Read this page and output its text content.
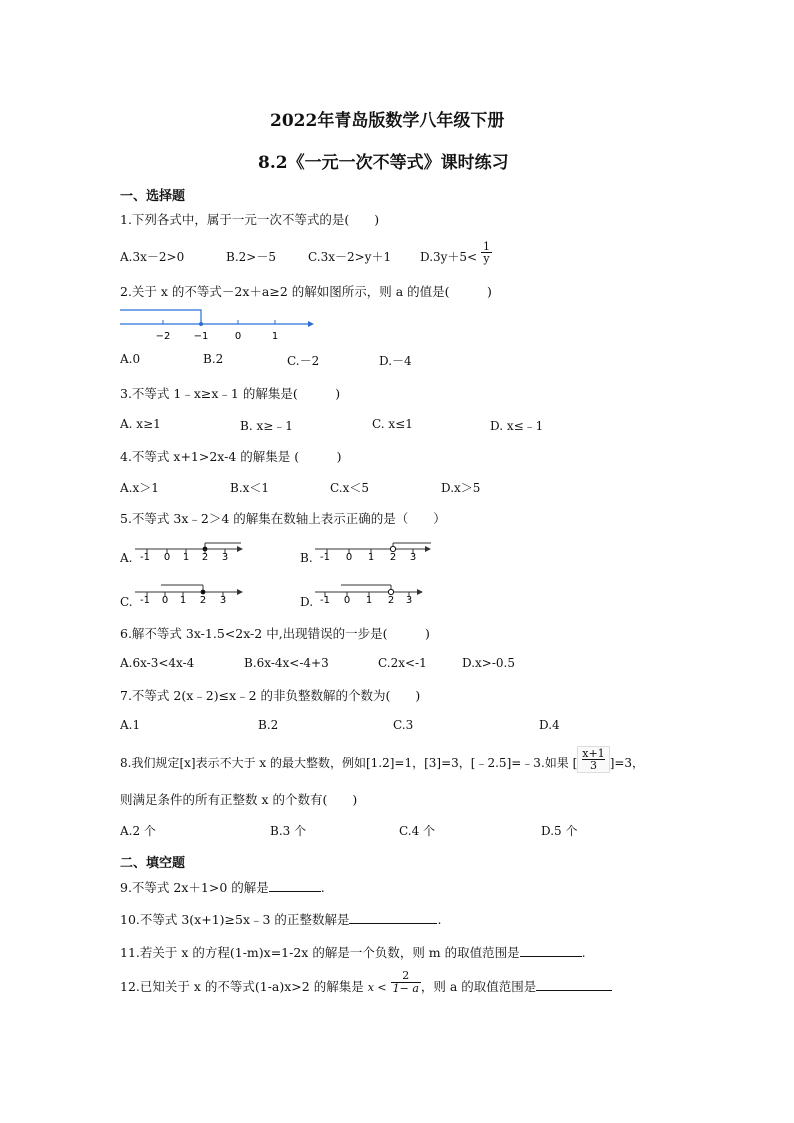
2022年青岛版数学八年级下册
8.2《一元一次不等式》课时练习
一、选择题
1.下列各式中，属于一元一次不等式的是(　　)
A.3x－2>0	B.2>－5	C.3x－2>y＋1 $D.3y+5< \frac{1}{y}$
2.关于 x 的不等式－2x＋a≥2 的解如图所示，则 a 的值是(　　　)
−2 −1	0	1
A.0	B.2	C.－2	D.－4
3.不等式 1﹣x≥x﹣1 的解集是(　　　)
A. x≥1	B. x≥﹣1	C. x≤1	D. x≤﹣1
4.不等式 x+1>2x-4 的解集是 (　　　)
A.x＞1	B.x＜1	C.x＜5	D.x＞5
5.不等式 3x﹣2＞4 的解集在数轴上表示正确的是（　　）
A. -1 0 1 2 3	B. -1 0 1 2 3
C. -1 0 1 2 3	D. -1 0 1 2 3
6.解不等式 3x-1.5<2x-2 中,出现错误的一步是(　　　)
A.6x-3<4x-4	B.6x-4x<-4+3	C.2x<-1	D.x>-0.5
7.不等式 2(x﹣2)≤x﹣2 的非负整数解的个数为(　　)
A.1	B.2	C.3	D.4
8.我们规定[x]表示不大于 x 的最大整数，例如[1.2]=1，[3]=3，[﹣2.5]=﹣3.如果 [ $\frac{x+1}{3}]=3$，
则满足条件的所有正整数 x 的个数有(　　)
A.2 个	B.3 个	C.4 个	D.5 个
二、填空题
9.不等式 2x＋1>0 的解是	.
10.不等式 3(x+1)≥5x﹣3 的正整数解是	.
11.若关于 x 的方程(1-m)x=1-2x 的解是一个负数，则 m 的取值范围是	.
12.已知关于 x 的不等式(1-a)x>2 的解集是 $x < \frac{2}{1- a}$ ，则 a 的取值范围是
